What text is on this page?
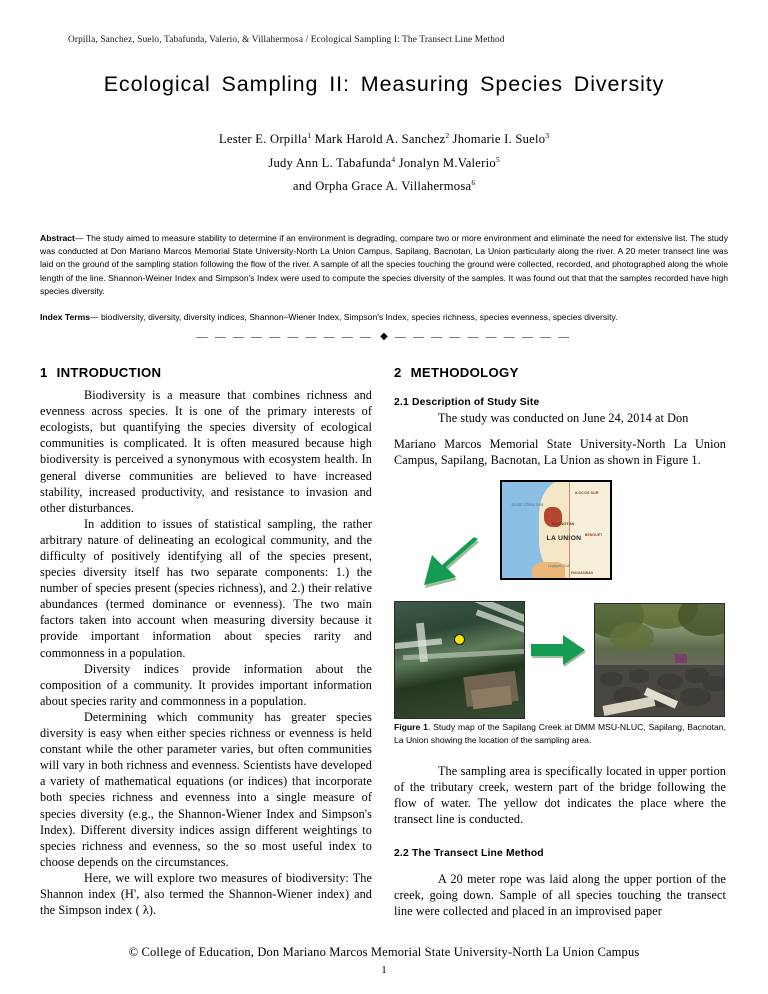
Orpilla, Sanchez, Suelo, Tabafunda, Valerio, & Villahermosa / Ecological Sampling I: The Transect Line Method
Ecological Sampling II: Measuring Species Diversity
Lester E. Orpilla$^1$ Mark Harold A. Sanchez$^2$ Jhomarie I. Suelo$^3$
Judy Ann L. Tabafunda$^4$ Jonalyn M.Valerio$^5$
and Orpha Grace A. Villahermosa$^6$
Abstract— The study aimed to measure stability to determine if an environment is degrading, compare two or more environment and eliminate the need for extensive list. The study was conducted at Don Mariano Marcos Memorial State University-North La Union Campus, Sapilang, Bacnotan, La Union particularly along the river. A 20 meter transect line was laid on the ground of the sampling station following the flow of the river. A sample of all the species touching the ground were collected, recorded, and photographed along the whole length of the line. Shannon-Weiner Index and Simpson's Index were used to compute the species diversity of the samples. It was found out that that the samples recorded have high species diversity.
Index Terms— biodiversity, diversity, diversity indices, Shannon–Wiener Index, Simpson's Index, species richness, species evenness, species diversity.
— — — — — — — — — — ◆ — — — — — — — — — —
1 INTRODUCTION

Biodiversity is a measure that combines richness and evenness across species. It is one of the primary interests of ecologists, but quantifying the species diversity of ecological communities is complicated. It is often measured because high biodiversity is perceived a synonymous with ecosystem health. In general diverse communities are believed to have increased stability, increased productivity, and resistance to invasion and other disturbances.

In addition to issues of statistical sampling, the rather arbitrary nature of delineating an ecological community, and the difficulty of positively identifying all of the species present, species diversity itself has two separate components: 1.) the number of species present (species richness), and 2.) their relative abundances (termed dominance or evenness). The two main factors taken into account when measuring diversity because it provide important information about species rarity and commonness in a population.

Diversity indices provide information about the composition of a community. It provides important information about species rarity and commonness in a population.

Determining which community has greater species diversity is easy when either species richness or evenness is held constant while the other parameter varies, but often communities will vary in both richness and evenness. Scientists have developed a variety of mathematical equations (or indices) that incorporate both species richness and evenness into a single measure of species diversity (e.g., the Shannon-Wiener Index and Simpson's Index). Different diversity indices assign different weightings to species richness and evenness, so the so most useful index to choose depends on the circumstances.

Here, we will explore two measures of biodiversity: The Shannon index (H', also termed the Shannon-Wiener index) and the Simpson index ( λ).

2 METHODOLOGY
2.1 Description of Study Site

The study was conducted on June 24, 2014 at Don

Mariano Marcos Memorial State University-North La Union Campus, Sapilang, Bacnotan, La Union as shown in Figure 1.

South China Sea
BACNOTAN
LA UNION
ILOCOS SUR
BENGUET
Lingayen Gulf
PANGASINAN
Figure 1. Study map of the Sapilang Creek at DMM MSU-NLUC, Sapilang, Bacnotan, La Union showing the location of the sampling area.

The sampling area is specifically located in upper portion of the tributary creek, western part of the bridge following the flow of water. The yellow dot indicates the place where the transect line is conducted.

2.2 The Transect Line Method

A 20 meter rope was laid along the upper portion of the creek, going down. Sample of all species touching the transect line were collected and placed in an improvised paper

© College of Education, Don Mariano Marcos Memorial State University-North La Union Campus
1
